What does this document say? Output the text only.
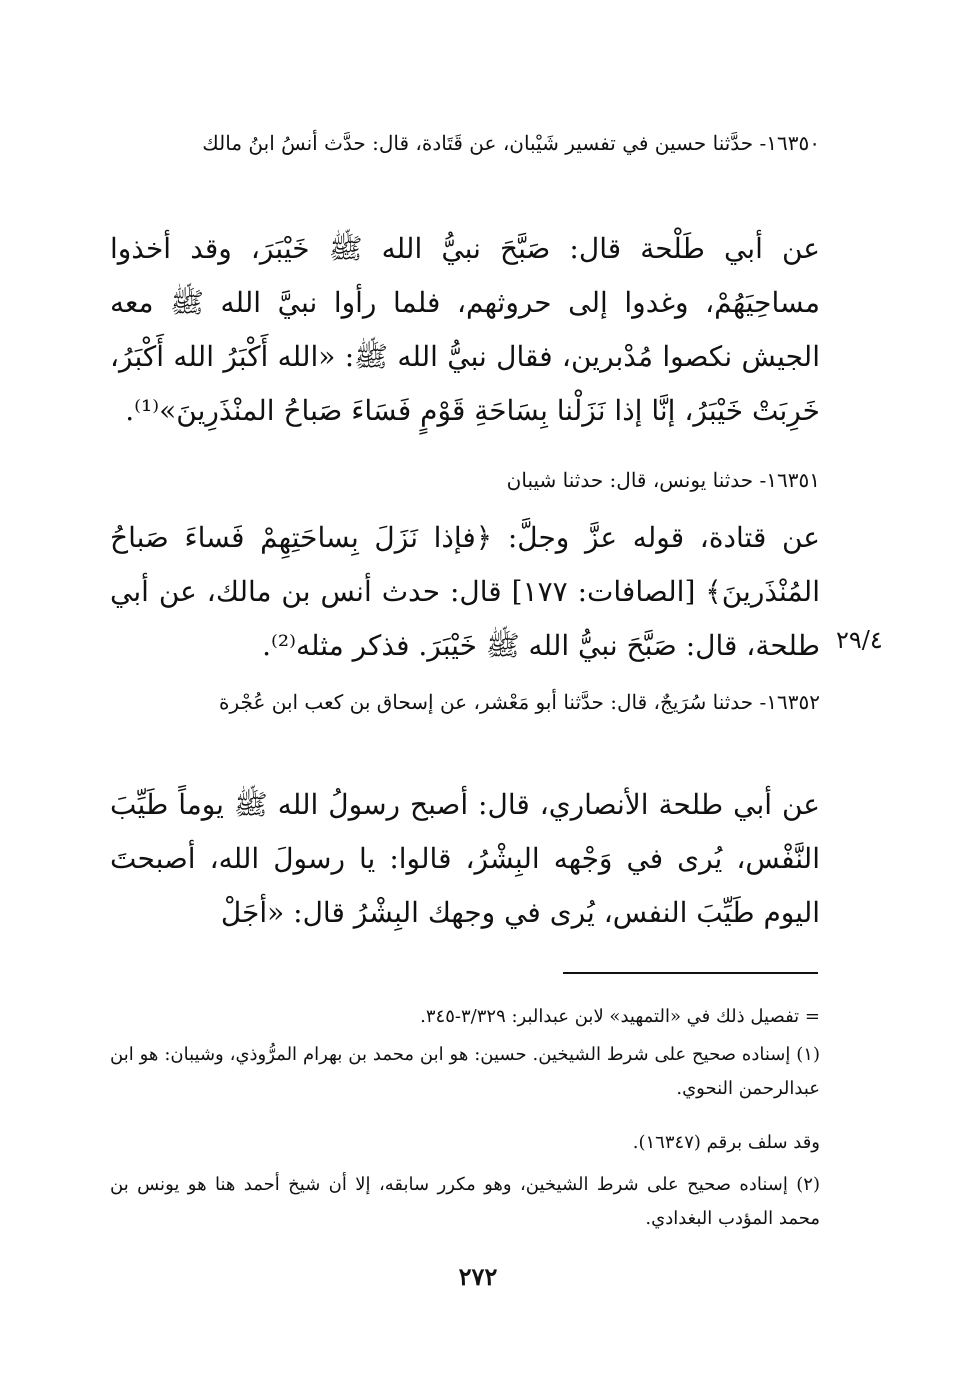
١٦٣٥٠- حدَّثنا حسين في تفسير شَيْبان، عن قَتَادة، قال: حدَّث أنسُ ابنُ مالك

عن أبي طَلْحة قال: صَبَّحَ نبيُّ الله ﷺ خَيْبَرَ، وقد أخذوا مساحِيَهُمْ، وغدوا إلى حروثهم، فلما رأوا نبيَّ الله ﷺ معه الجيش نكصوا مُدْبرين، فقال نبيُّ الله ﷺ: «الله أَكْبَرُ الله أَكْبَرُ، خَرِبَتْ خَيْبَرُ، إنَّا إذا نَزَلْنا بِسَاحَةِ قَوْمٍ فَسَاءَ صَباحُ المنْذَرِينَ»⁽¹⁾.

١٦٣٥١- حدثنا يونس، قال: حدثنا شيبان

عن قتادة، قوله عزَّ وجلَّ: ﴿فإذا نَزَلَ بِساحَتِهِمْ فَساءَ صَباحُ المُنْذَرينَ﴾ [الصافات: ١٧٧] قال: حدث أنس بن مالك، عن أبي طلحة، قال: صَبَّحَ نبيُّ الله ﷺ خَيْبَرَ. فذكر مثله⁽²⁾. ٢٩/٤

١٦٣٥٢- حدثنا سُرَيجٌ، قال: حدَّثنا أبو مَعْشر، عن إسحاق بن كعب ابن عُجْرة

عن أبي طلحة الأنصاري، قال: أصبح رسولُ الله ﷺ يوماً طَيِّبَ النَّفْس، يُرى في وَجْهه البِشْرُ، قالوا: يا رسولَ الله، أصبحتَ اليوم طَيِّبَ النفس، يُرى في وجهك البِشْرُ قال: «أجَلْ

= تفصيل ذلك في «التمهيد» لابن عبدالبر: ٣/٣٢٩-٣٤٥.

(١) إسناده صحيح على شرط الشيخين. حسين: هو ابن محمد بن بهرام المرُّوذي، وشيبان: هو ابن عبدالرحمن النحوي.

وقد سلف برقم (١٦٣٤٧).

(٢) إسناده صحيح على شرط الشيخين، وهو مكرر سابقه، إلا أن شيخ أحمد هنا هو يونس بن محمد المؤدب البغدادي.

٢٧٢
